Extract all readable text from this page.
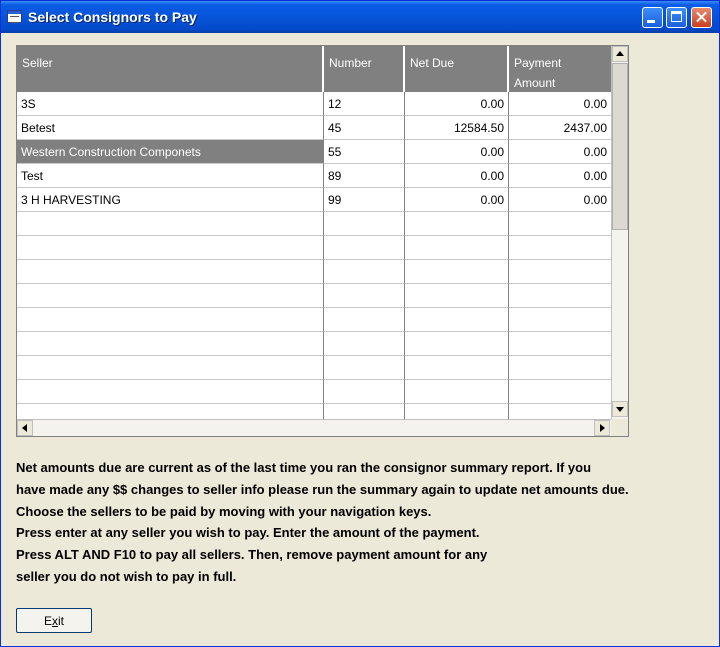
Select Consignors to Pay
Seller	Number	Net Due	Payment
Amount
3S	12	0.00	0.00
Betest	45	12584.50	2437.00
Western Construction Componets	55	0.00	0.00
Test	89	0.00	0.00
3 H HARVESTING	99	0.00	0.00
Net amounts due are current as of the last time you ran the consignor summary report. If you
have made any $$ changes to seller info please run the summary again to update net amounts due.
Choose the sellers to be paid by moving with your navigation keys.
Press enter at any seller you wish to pay. Enter the amount of the payment.
Press ALT AND F10 to pay all sellers. Then, remove payment amount for any
seller you do not wish to pay in full.
Exit
